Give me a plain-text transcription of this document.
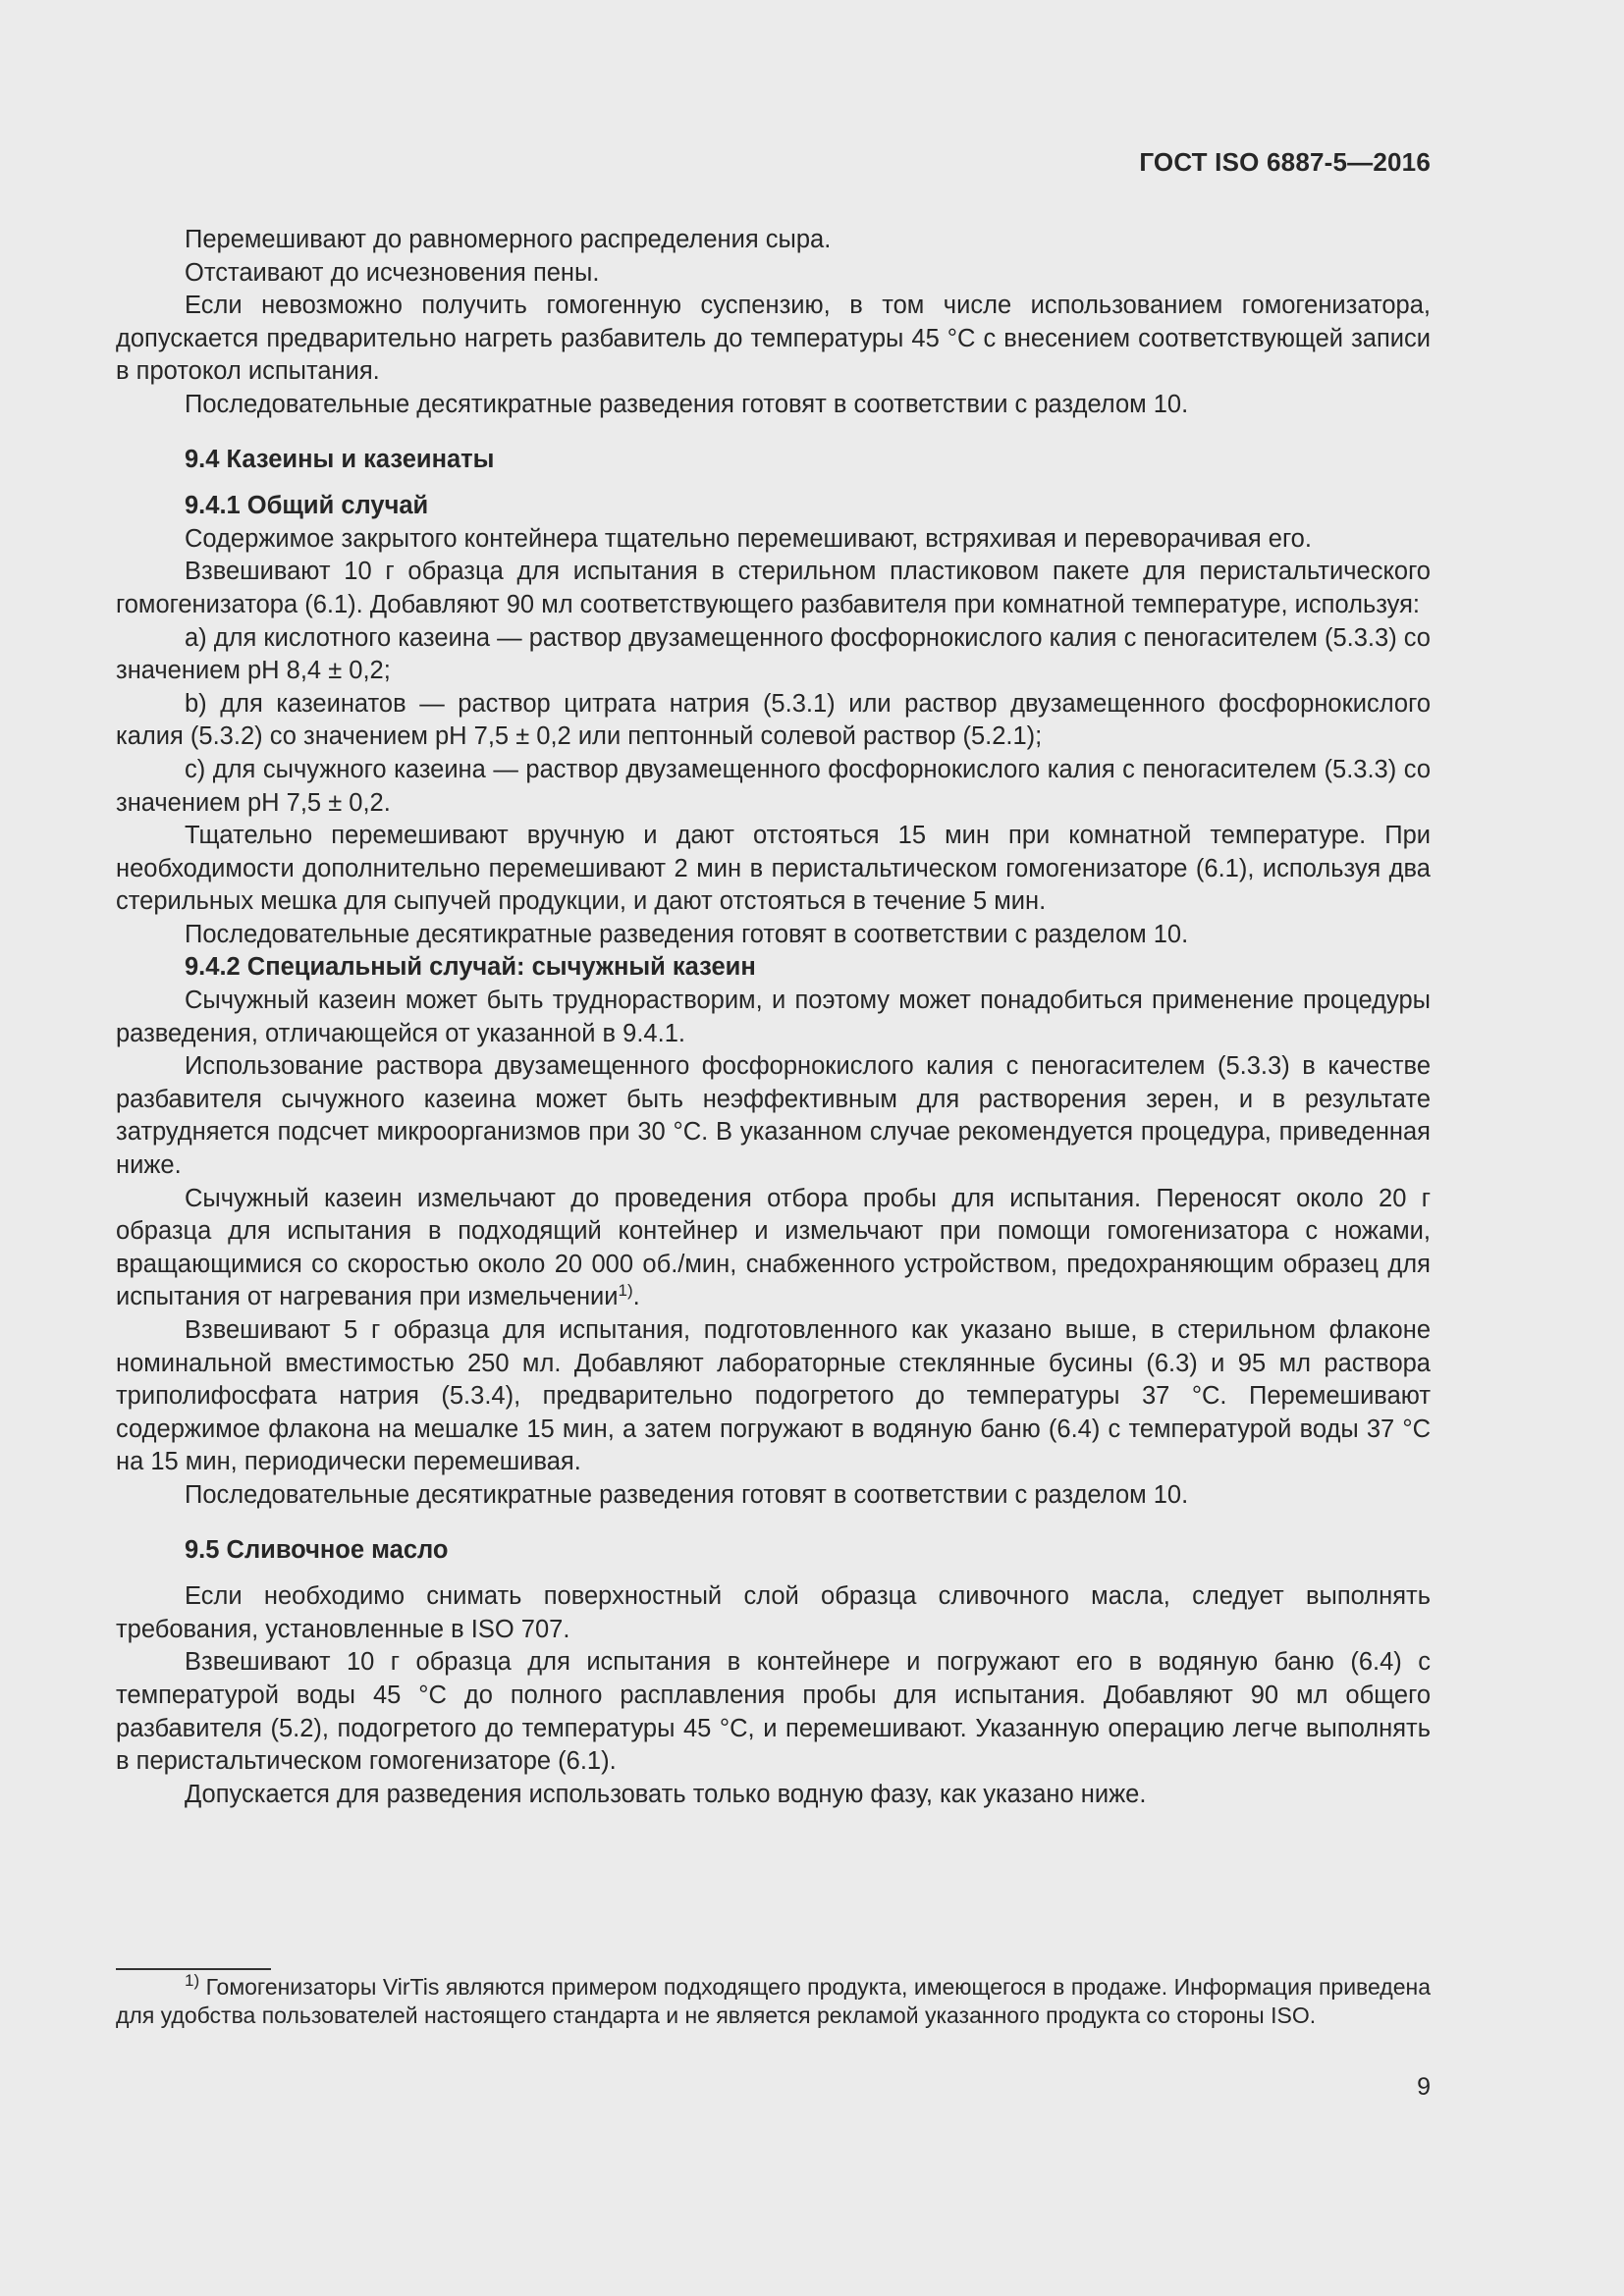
ГОСТ ISO 6887-5—2016

Перемешивают до равномерного распределения сыра.

Отстаивают до исчезновения пены.

Если невозможно получить гомогенную суспензию, в том числе использованием гомогенизатора, допускается предварительно нагреть разбавитель до температуры 45 °С с внесением соответствующей записи в протокол испытания.

Последовательные десятикратные разведения готовят в соответствии с разделом 10.

9.4 Казеины и казеинаты
9.4.1 Общий случай

Содержимое закрытого контейнера тщательно перемешивают, встряхивая и переворачивая его.

Взвешивают 10 г образца для испытания в стерильном пластиковом пакете для перистальтического гомогенизатора (6.1). Добавляют 90 мл соответствующего разбавителя при комнатной температуре, используя:

а) для кислотного казеина — раствор двузамещенного фосфорнокислого калия с пеногасителем (5.3.3) со значением рН 8,4 ± 0,2;

b) для казеинатов — раствор цитрата натрия (5.3.1) или раствор двузамещенного фосфорнокислого калия (5.3.2) со значением рН 7,5 ± 0,2 или пептонный солевой раствор (5.2.1);

с) для сычужного казеина — раствор двузамещенного фосфорнокислого калия с пеногасителем (5.3.3) со значением рН 7,5 ± 0,2.

Тщательно перемешивают вручную и дают отстояться 15 мин при комнатной температуре. При необходимости дополнительно перемешивают 2 мин в перистальтическом гомогенизаторе (6.1), используя два стерильных мешка для сыпучей продукции, и дают отстояться в течение 5 мин.

Последовательные десятикратные разведения готовят в соответствии с разделом 10.

9.4.2 Специальный случай: сычужный казеин

Сычужный казеин может быть труднорастворим, и поэтому может понадобиться применение процедуры разведения, отличающейся от указанной в 9.4.1.

Использование раствора двузамещенного фосфорнокислого калия с пеногасителем (5.3.3) в качестве разбавителя сычужного казеина может быть неэффективным для растворения зерен, и в результате затрудняется подсчет микроорганизмов при 30 °С. В указанном случае рекомендуется процедура, приведенная ниже.

Сычужный казеин измельчают до проведения отбора пробы для испытания. Переносят около 20 г образца для испытания в подходящий контейнер и измельчают при помощи гомогенизатора с ножами, вращающимися со скоростью около 20 000 об./мин, снабженного устройством, предохраняющим образец для испытания от нагревания при измельчении$^{1)}$.

Взвешивают 5 г образца для испытания, подготовленного как указано выше, в стерильном флаконе номинальной вместимостью 250 мл. Добавляют лабораторные стеклянные бусины (6.3) и 95 мл раствора триполифосфата натрия (5.3.4), предварительно подогретого до температуры 37 °С. Перемешивают содержимое флакона на мешалке 15 мин, а затем погружают в водяную баню (6.4) с температурой воды 37 °С на 15 мин, периодически перемешивая.

Последовательные десятикратные разведения готовят в соответствии с разделом 10.

9.5 Сливочное масло

Если необходимо снимать поверхностный слой образца сливочного масла, следует выполнять требования, установленные в ISO 707.

Взвешивают 10 г образца для испытания в контейнере и погружают его в водяную баню (6.4) с температурой воды 45 °С до полного расплавления пробы для испытания. Добавляют 90 мл общего разбавителя (5.2), подогретого до температуры 45 °С, и перемешивают. Указанную операцию легче выполнять в перистальтическом гомогенизаторе (6.1).

Допускается для разведения использовать только водную фазу, как указано ниже.

$^{1)}$ Гомогенизаторы VirTis являются примером подходящего продукта, имеющегося в продаже. Информация приведена для удобства пользователей настоящего стандарта и не является рекламой указанного продукта со стороны ISO.

9
